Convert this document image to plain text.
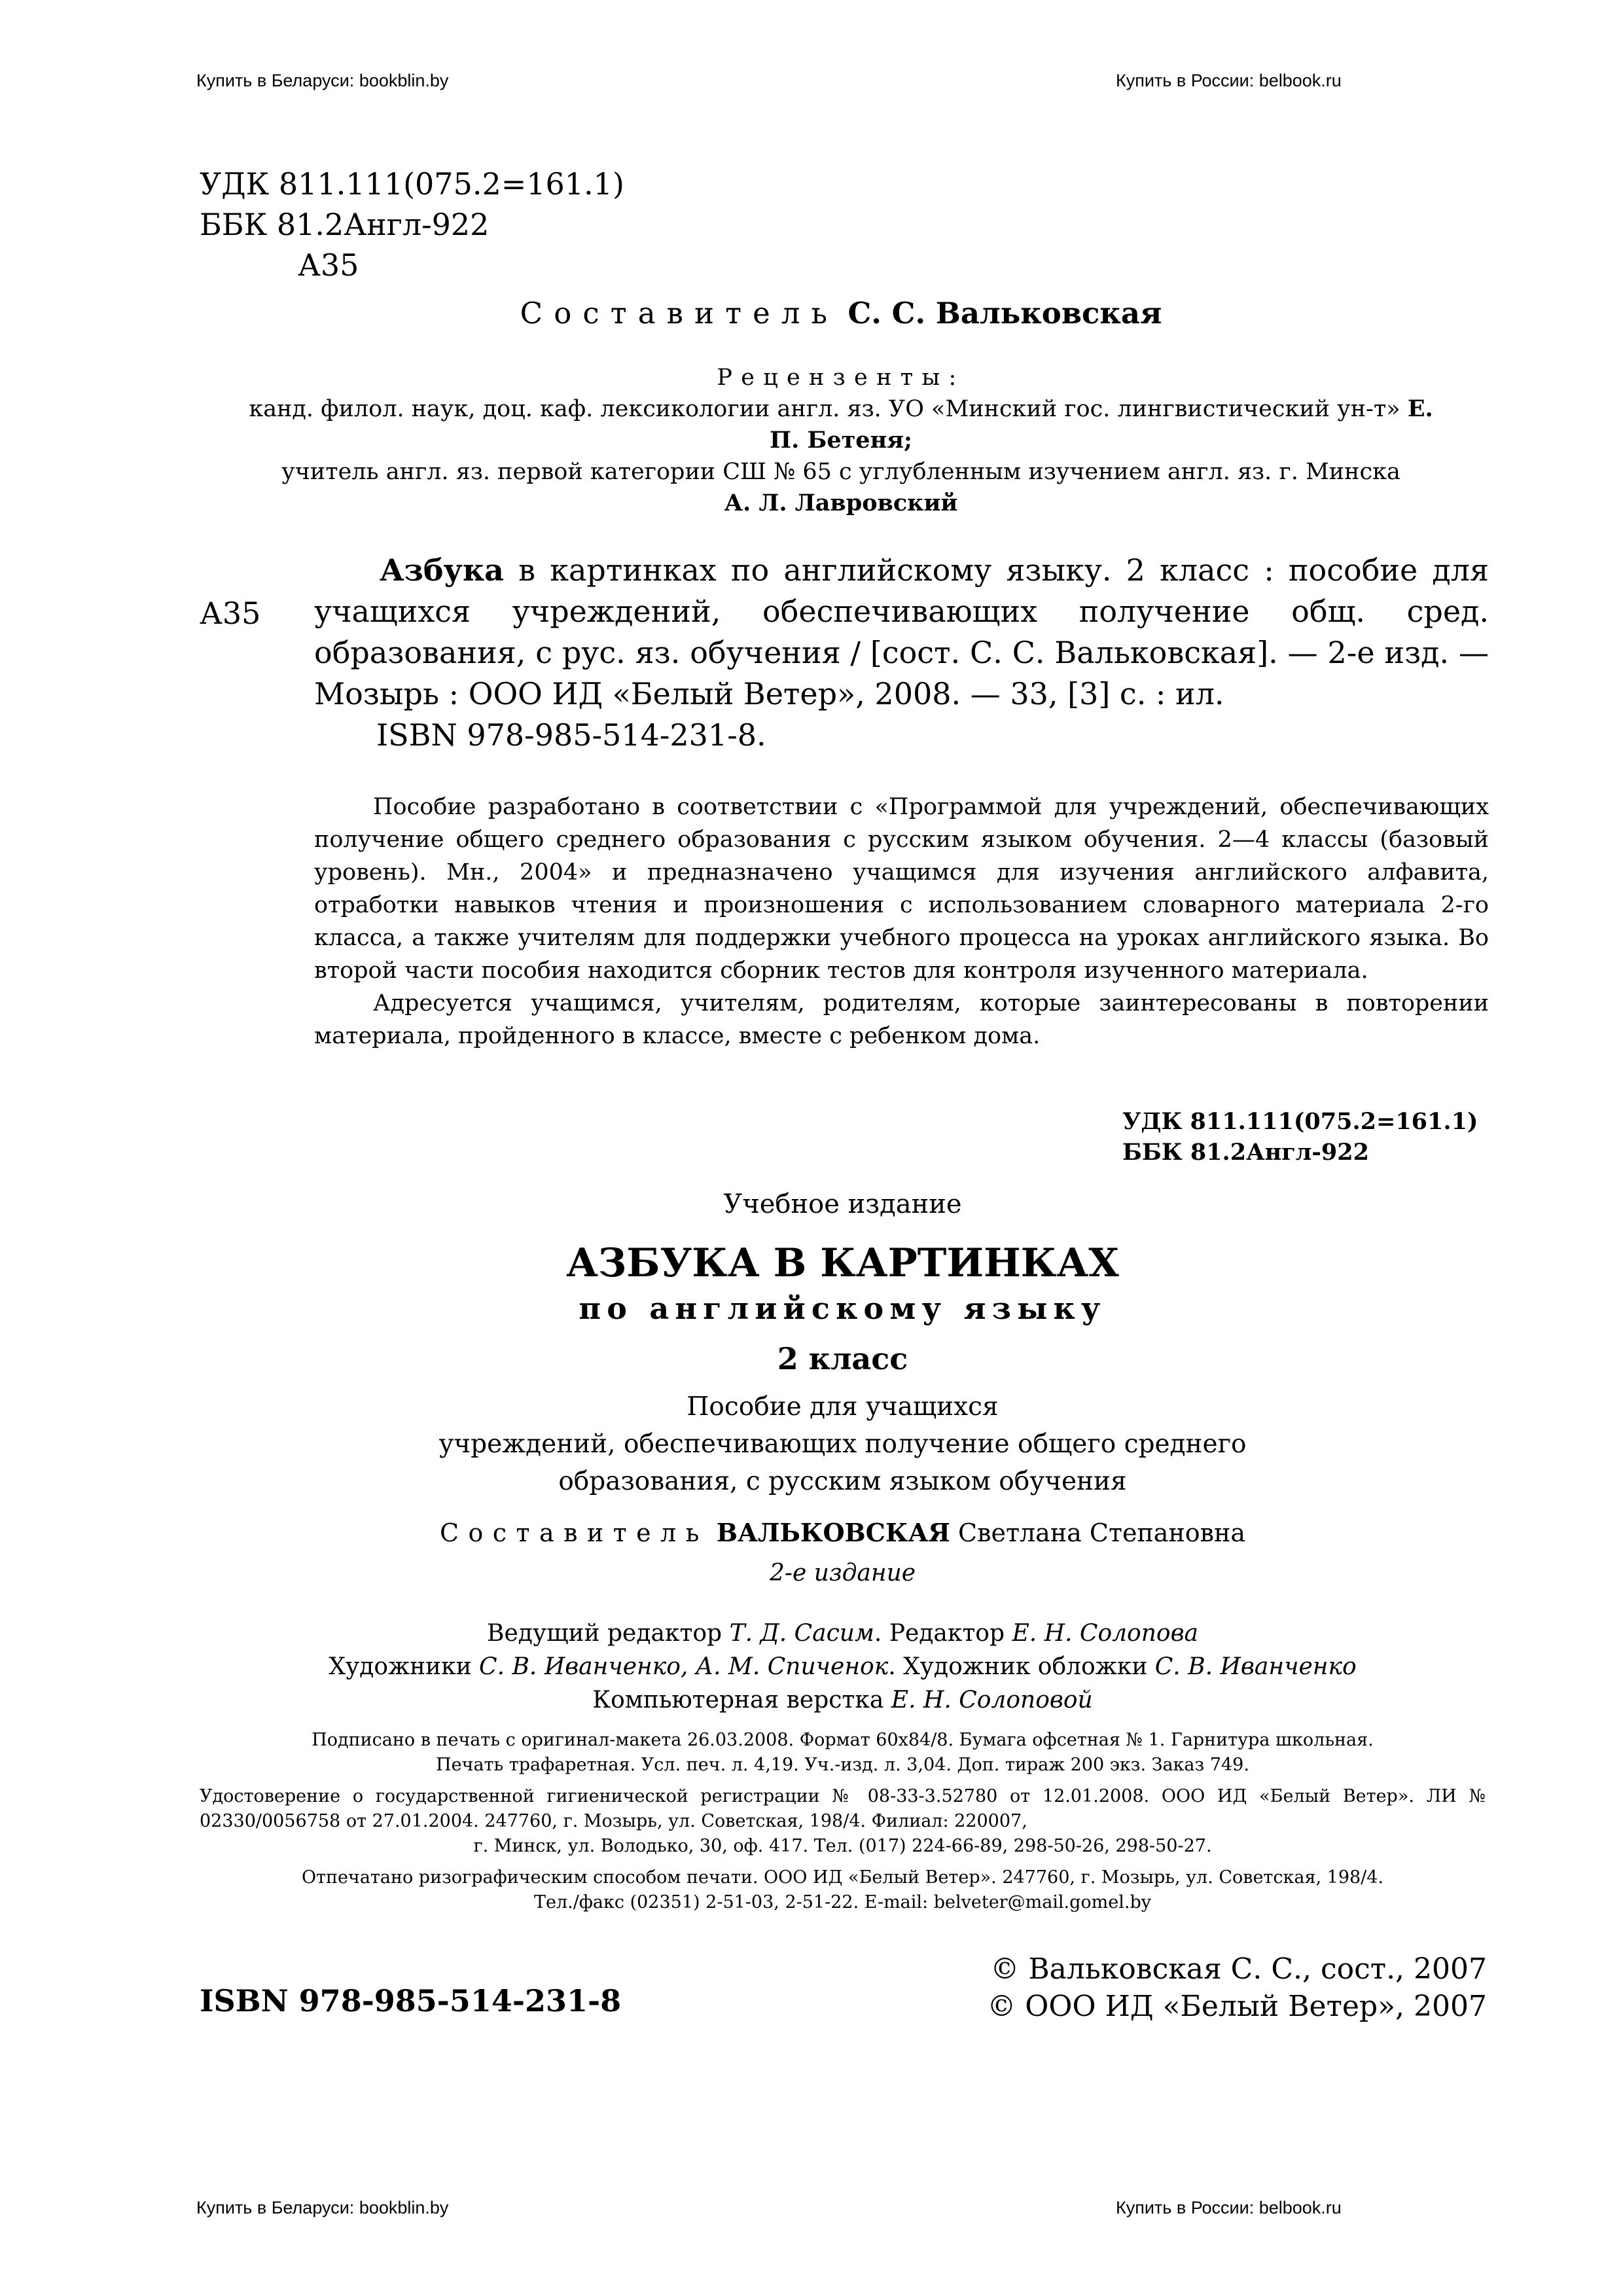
Купить в Беларуси: bookblin.by	Купить в России: belbook.ru
УДК 811.111(075.2=161.1)
ББК 81.2Англ-922
А35
Составитель С. С. Вальковская
Рецензенты:
канд. филол. наук, доц. каф. лексикологии англ. яз. УО «Минский гос. лингвистический ун-т» Е.
П. Бетеня;
учитель англ. яз. первой категории СШ № 65 с углубленным изучением англ. яз. г. Минска
А. Л. Лавровский
А35
Азбука в картинках по английскому языку. 2 класс : пособие для учащихся учреждений, обеспечивающих получение общ. сред. образования, с рус. яз. обучения / [сост. С. С. Вальковская]. — 2-е изд. — Мозырь : ООО ИД «Белый Ветер», 2008. — 33, [3] с. : ил.
ISBN 978-985-514-231-8.

Пособие разработано в соответствии с «Программой для учреждений, обеспечивающих получение общего среднего образования с русским языком обучения. 2—4 классы (базовый уровень). Мн., 2004» и предназначено учащимся для изучения английского алфавита, отработки навыков чтения и произношения с использованием словарного материала 2-го класса, а также учителям для поддержки учебного процесса на уроках английского языка. Во второй части пособия находится сборник тестов для контроля изученного материала.

Адресуется учащимся, учителям, родителям, которые заинтересованы в повторении материала, пройденного в классе, вместе с ребенком дома.

УДК 811.111(075.2=161.1)
ББК 81.2Англ-922
Учебное издание
АЗБУКА В КАРТИНКАХ
по английскому языку
2 класс
Пособие для учащихся
учреждений, обеспечивающих получение общего среднего
образования, с русским языком обучения
Составитель ВАЛЬКОВСКАЯ Светлана Степановна
2-е издание
Ведущий редактор Т. Д. Сасим. Редактор Е. Н. Солопова
Художники С. В. Иванченко, А. М. Спиченок. Художник обложки С. В. Иванченко
Компьютерная верстка Е. Н. Солоповой
Подписано в печать с оригинал-макета 26.03.2008. Формат 60х84/8. Бумага офсетная № 1. Гарнитура школьная.
Печать трафаретная. Усл. печ. л. 4,19. Уч.-изд. л. 3,04. Доп. тираж 200 экз. Заказ 749.
Удостоверение о государственной гигиенической регистрации № 08-33-3.52780 от 12.01.2008. ООО ИД «Белый Ветер». ЛИ № 02330/0056758 от 27.01.2004. 247760, г. Мозырь, ул. Советская, 198/4. Филиал: 220007,
г. Минск, ул. Володько, 30, оф. 417. Тел. (017) 224-66-89, 298-50-26, 298-50-27.
Отпечатано ризографическим способом печати. ООО ИД «Белый Ветер». 247760, г. Мозырь, ул. Советская, 198/4.
Тел./факс (02351) 2-51-03, 2-51-22. E-mail: belveter@mail.gomel.by
ISBN 978-985-514-231-8
© Вальковская С. С., сост., 2007
© ООО ИД «Белый Ветер», 2007
Купить в Беларуси: bookblin.by	Купить в России: belbook.ru
